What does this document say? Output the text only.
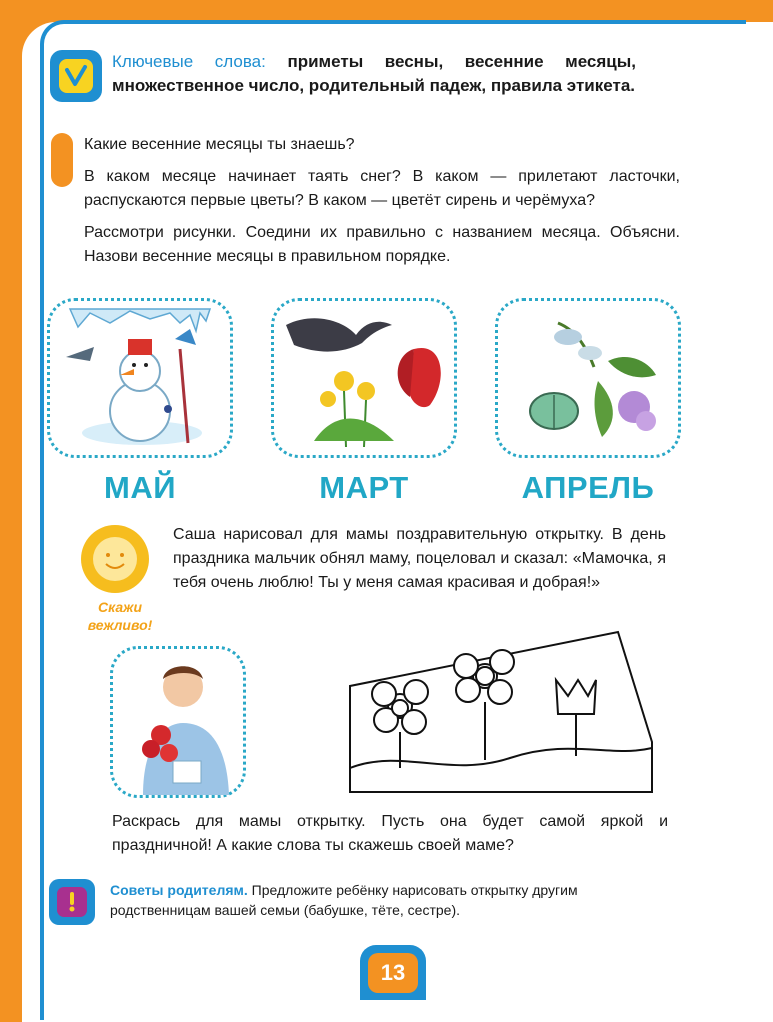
Ключевые слова: приметы весны, весенние месяцы, множественное число, родительный падеж, правила этикета.

Какие весенние месяцы ты знаешь?

В каком месяце начинает таять снег? В каком — прилетают ласточки, распускаются первые цветы? В каком — цветёт сирень и черёмуха?

Рассмотри рисунки. Соедини их правильно с названием месяца. Объясни. Назови весенние месяцы в правильном порядке.

МАЙ	МАРТ	АПРЕЛЬ
Скажи
вежливо!

Саша нарисовал для мамы поздравительную открытку. В день праздника мальчик обнял маму, поцеловал и сказал: «Мамочка, я тебя очень люблю! Ты у меня самая красивая и добрая!»

Раскрась для мамы открытку. Пусть она будет самой яркой и праздничной! А какие слова ты скажешь своей маме?

Советы родителям. Предложите ребёнку нарисовать открытку другим родственницам вашей семьи (бабушке, тёте, сестре).
13
